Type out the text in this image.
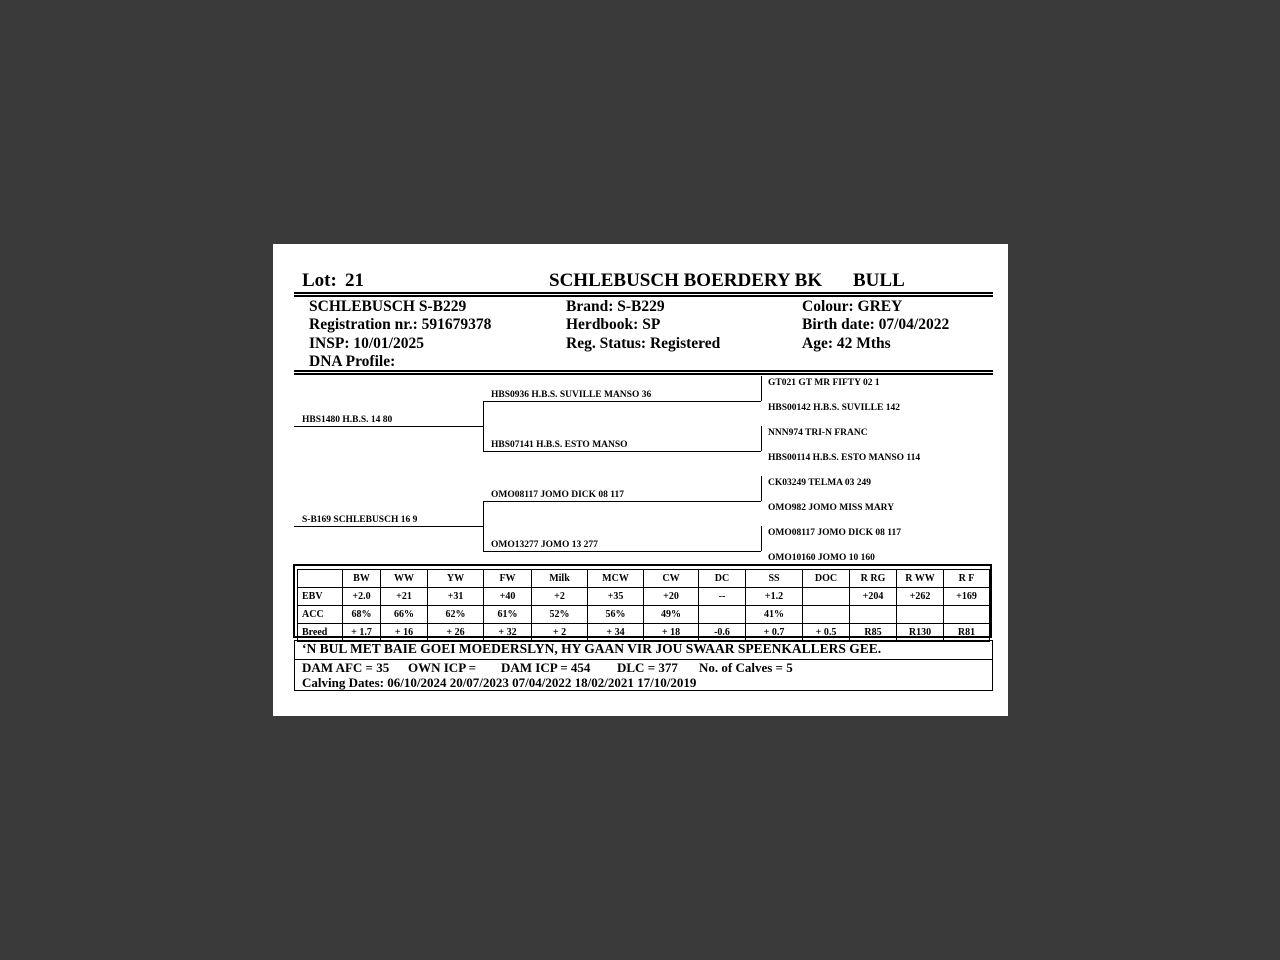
Lot: 21	SCHLEBUSCH BOERDERY BK BULL
SCHLEBUSCH S-B229
Registration nr.: 591679378
INSP: 10/01/2025
DNA Profile:
Brand: S-B229
Herdbook: SP
Reg. Status: Registered
Colour: GREY
Birth date: 07/04/2022
Age: 42 Mths
HBS1480 H.B.S. 14 80
S-B169 SCHLEBUSCH 16 9
HBS0936 H.B.S. SUVILLE MANSO 36
HBS07141 H.B.S. ESTO MANSO
OMO08117 JOMO DICK 08 117
OMO13277 JOMO 13 277
GT021 GT MR FIFTY 02 1
HBS00142 H.B.S. SUVILLE 142
NNN974 TRI-N FRANC
HBS00114 H.B.S. ESTO MANSO 114
CK03249 TELMA 03 249
OMO982 JOMO MISS MARY
OMO08117 JOMO DICK 08 117
OMO10160 JOMO 10 160
	BW	WW	YW	FW	Milk	MCW	CW	DC	SS	DOC	R RG	R WW	R F
EBV	+2.0	+21	+31	+40	+2	+35	+20	--	+1.2		+204	+262	+169
ACC	68%	66%	62%	61%	52%	56%	49%		41%				
Breed	+ 1.7	+ 16	+ 26	+ 32	+ 2	+ 34	+ 18	-0.6	+ 0.7	+ 0.5	R85	R130	R81
‘N BUL MET BAIE GOEI MOEDERSLYN, HY GAAN VIR JOU SWAAR SPEENKALLERS GEE.
DAM AFC = 35 OWN ICP = DAM ICP = 454 DLC = 377 No. of Calves = 5
Calving Dates: 06/10/2024 20/07/2023 07/04/2022 18/02/2021 17/10/2019
